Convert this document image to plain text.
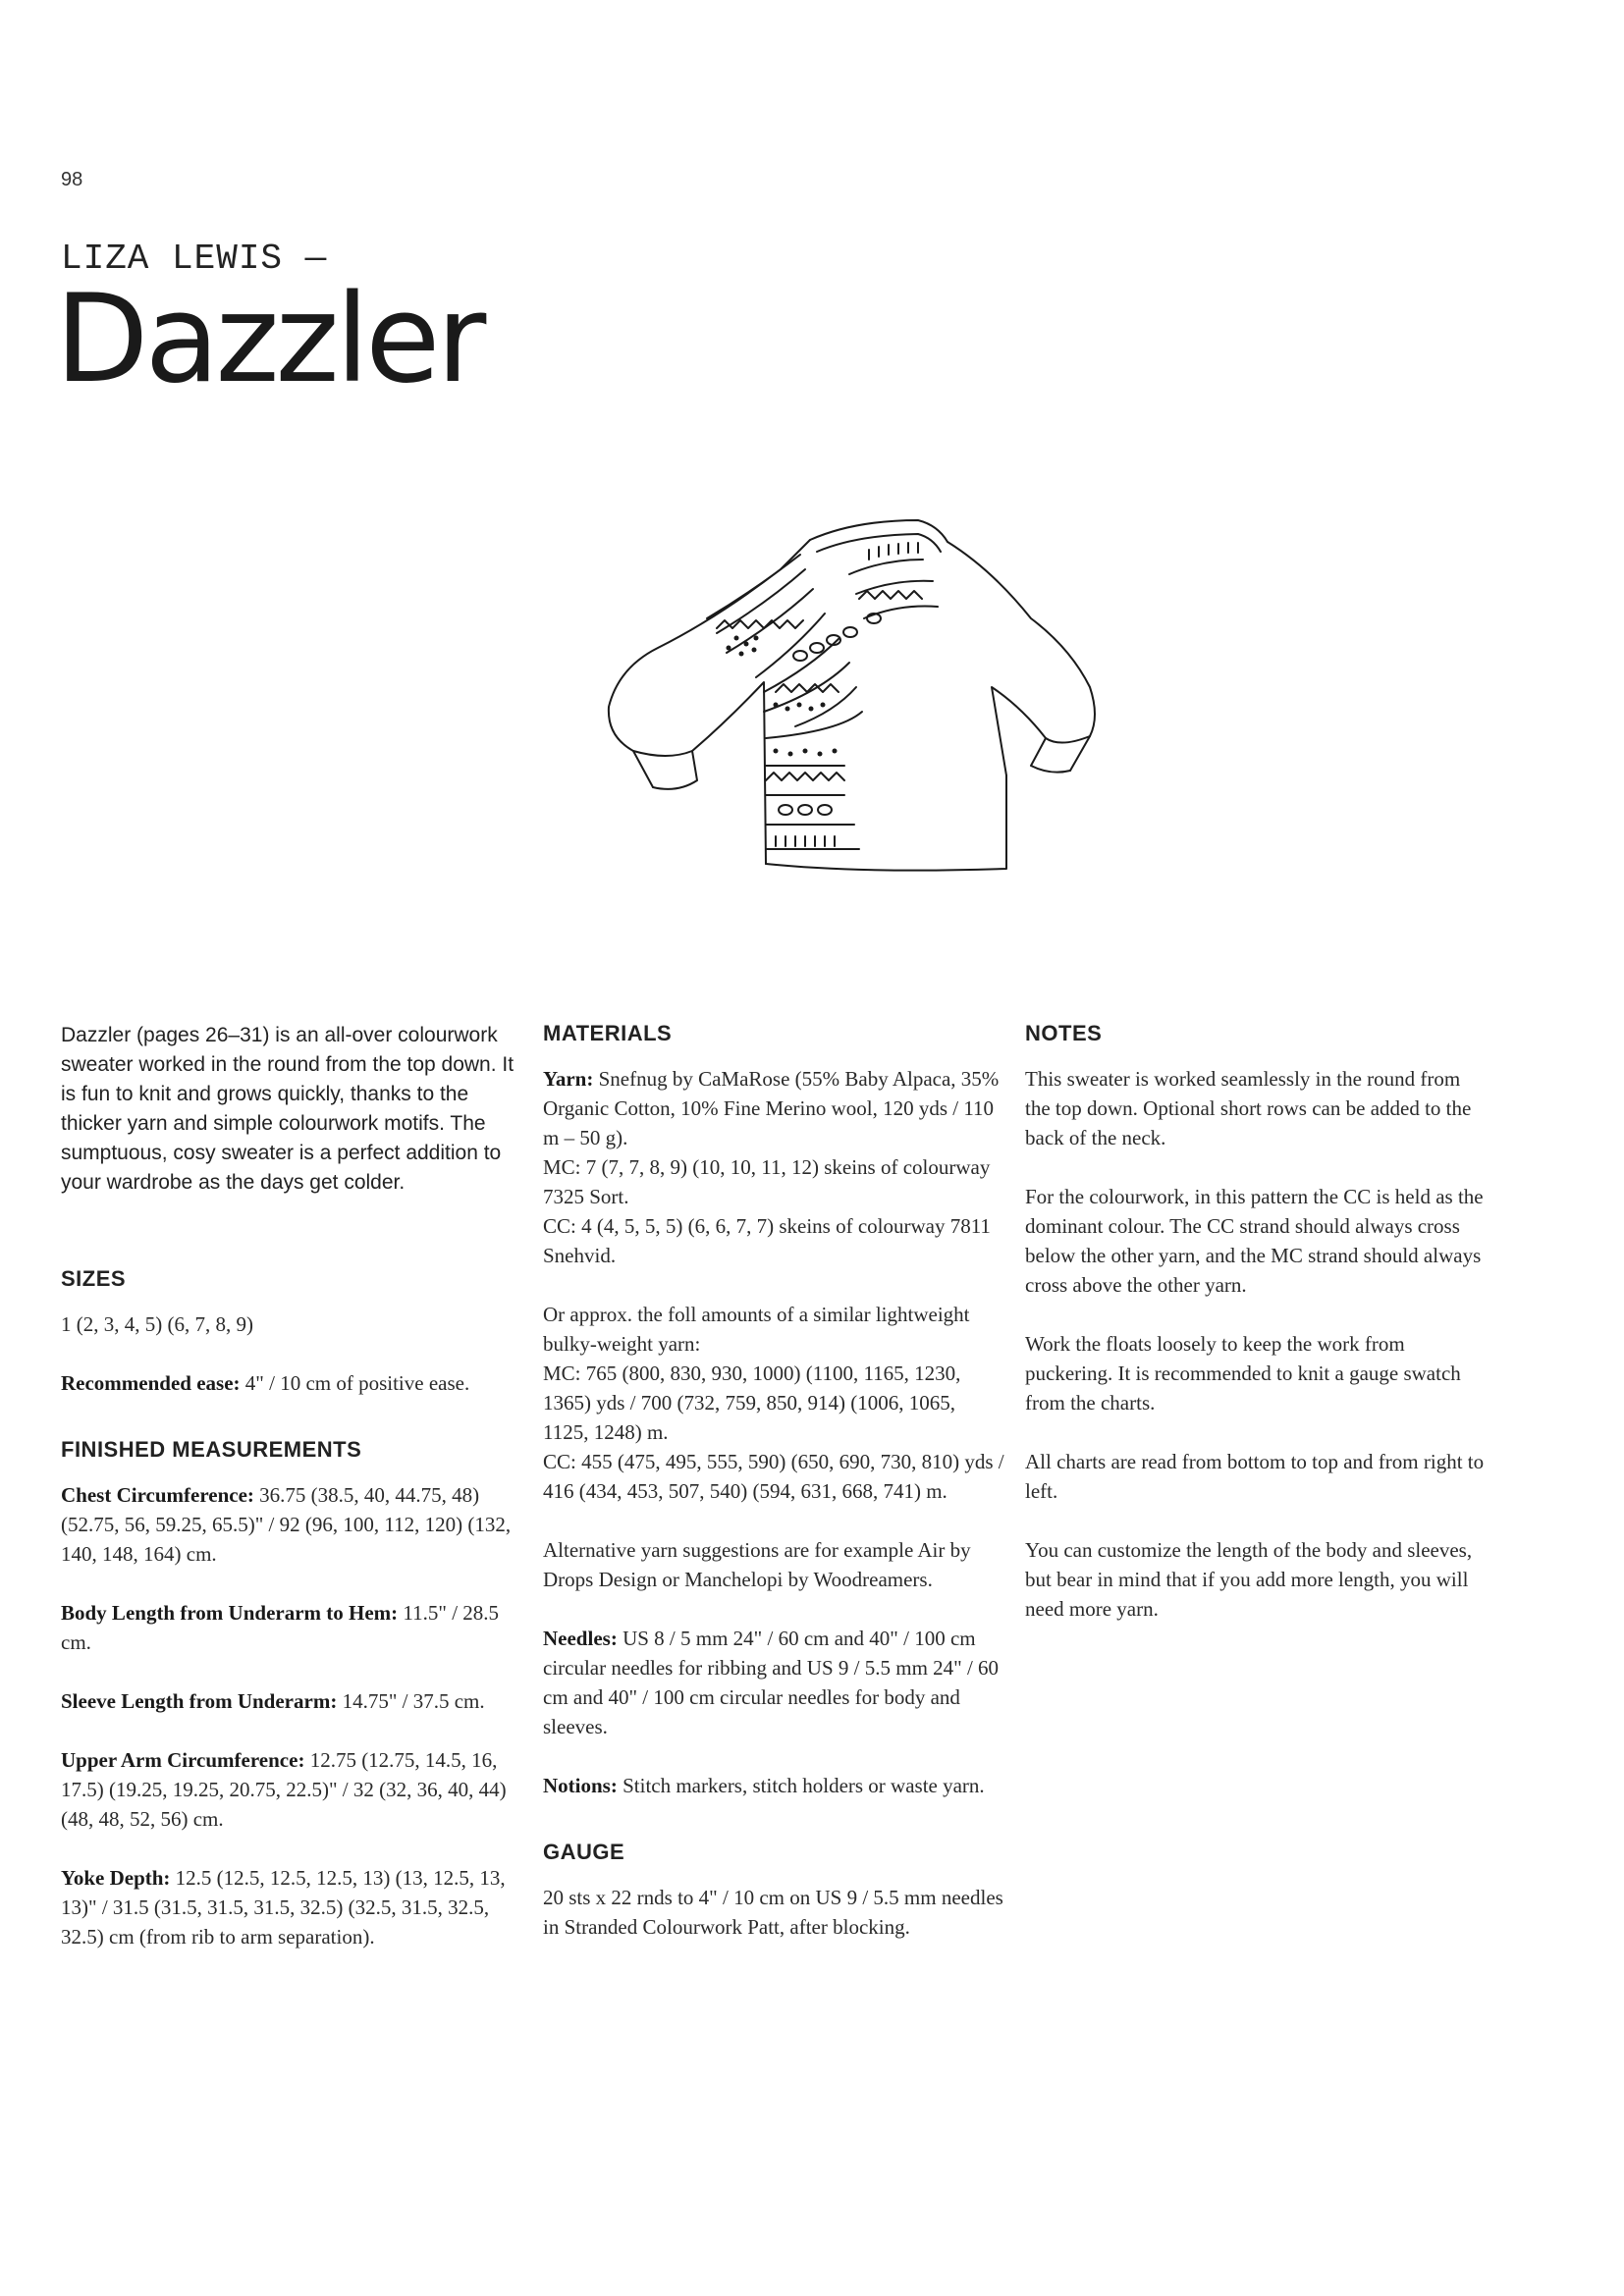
98
LIZA LEWIS —
Dazzler

Dazzler (pages 26–31) is an all-over colourwork sweater worked in the round from the top down. It is fun to knit and grows quickly, thanks to the thicker yarn and simple colourwork motifs. The sumptuous, cosy sweater is a perfect addition to your wardrobe as the days get colder.

SIZES

1 (2, 3, 4, 5) (6, 7, 8, 9)

Recommended ease: 4" / 10 cm of positive ease.

FINISHED MEASUREMENTS

Chest Circumference: 36.75 (38.5, 40, 44.75, 48) (52.75, 56, 59.25, 65.5)" / 92 (96, 100, 112, 120) (132, 140, 148, 164) cm.

Body Length from Underarm to Hem: 11.5" / 28.5 cm.

Sleeve Length from Underarm: 14.75" / 37.5 cm.

Upper Arm Circumference: 12.75 (12.75, 14.5, 16, 17.5) (19.25, 19.25, 20.75, 22.5)" / 32 (32, 36, 40, 44) (48, 48, 52, 56) cm.

Yoke Depth: 12.5 (12.5, 12.5, 12.5, 13) (13, 12.5, 13, 13)" / 31.5 (31.5, 31.5, 31.5, 32.5) (32.5, 31.5, 32.5, 32.5) cm (from rib to arm separation).

MATERIALS

Yarn: Snefnug by CaMaRose (55% Baby Alpaca, 35% Organic Cotton, 10% Fine Merino wool, 120 yds / 110 m – 50 g).
MC: 7 (7, 7, 8, 9) (10, 10, 11, 12) skeins of colourway 7325 Sort.
CC: 4 (4, 5, 5, 5) (6, 6, 7, 7) skeins of colourway 7811 Snehvid.

Or approx. the foll amounts of a similar lightweight bulky-weight yarn:
MC: 765 (800, 830, 930, 1000) (1100, 1165, 1230, 1365) yds / 700 (732, 759, 850, 914) (1006, 1065, 1125, 1248) m.
CC: 455 (475, 495, 555, 590) (650, 690, 730, 810) yds / 416 (434, 453, 507, 540) (594, 631, 668, 741) m.

Alternative yarn suggestions are for example Air by Drops Design or Manchelopi by Woodreamers.

Needles: US 8 / 5 mm 24" / 60 cm and 40" / 100 cm circular needles for ribbing and US 9 / 5.5 mm 24" / 60 cm and 40" / 100 cm circular needles for body and sleeves.

Notions: Stitch markers, stitch holders or waste yarn.

GAUGE

20 sts x 22 rnds to 4" / 10 cm on US 9 / 5.5 mm needles in Stranded Colourwork Patt, after blocking.

NOTES

This sweater is worked seamlessly in the round from the top down. Optional short rows can be added to the back of the neck.

For the colourwork, in this pattern the CC is held as the dominant colour. The CC strand should always cross below the other yarn, and the MC strand should always cross above the other yarn.

Work the floats loosely to keep the work from puckering. It is recommended to knit a gauge swatch from the charts.

All charts are read from bottom to top and from right to left.

You can customize the length of the body and sleeves, but bear in mind that if you add more length, you will need more yarn.
